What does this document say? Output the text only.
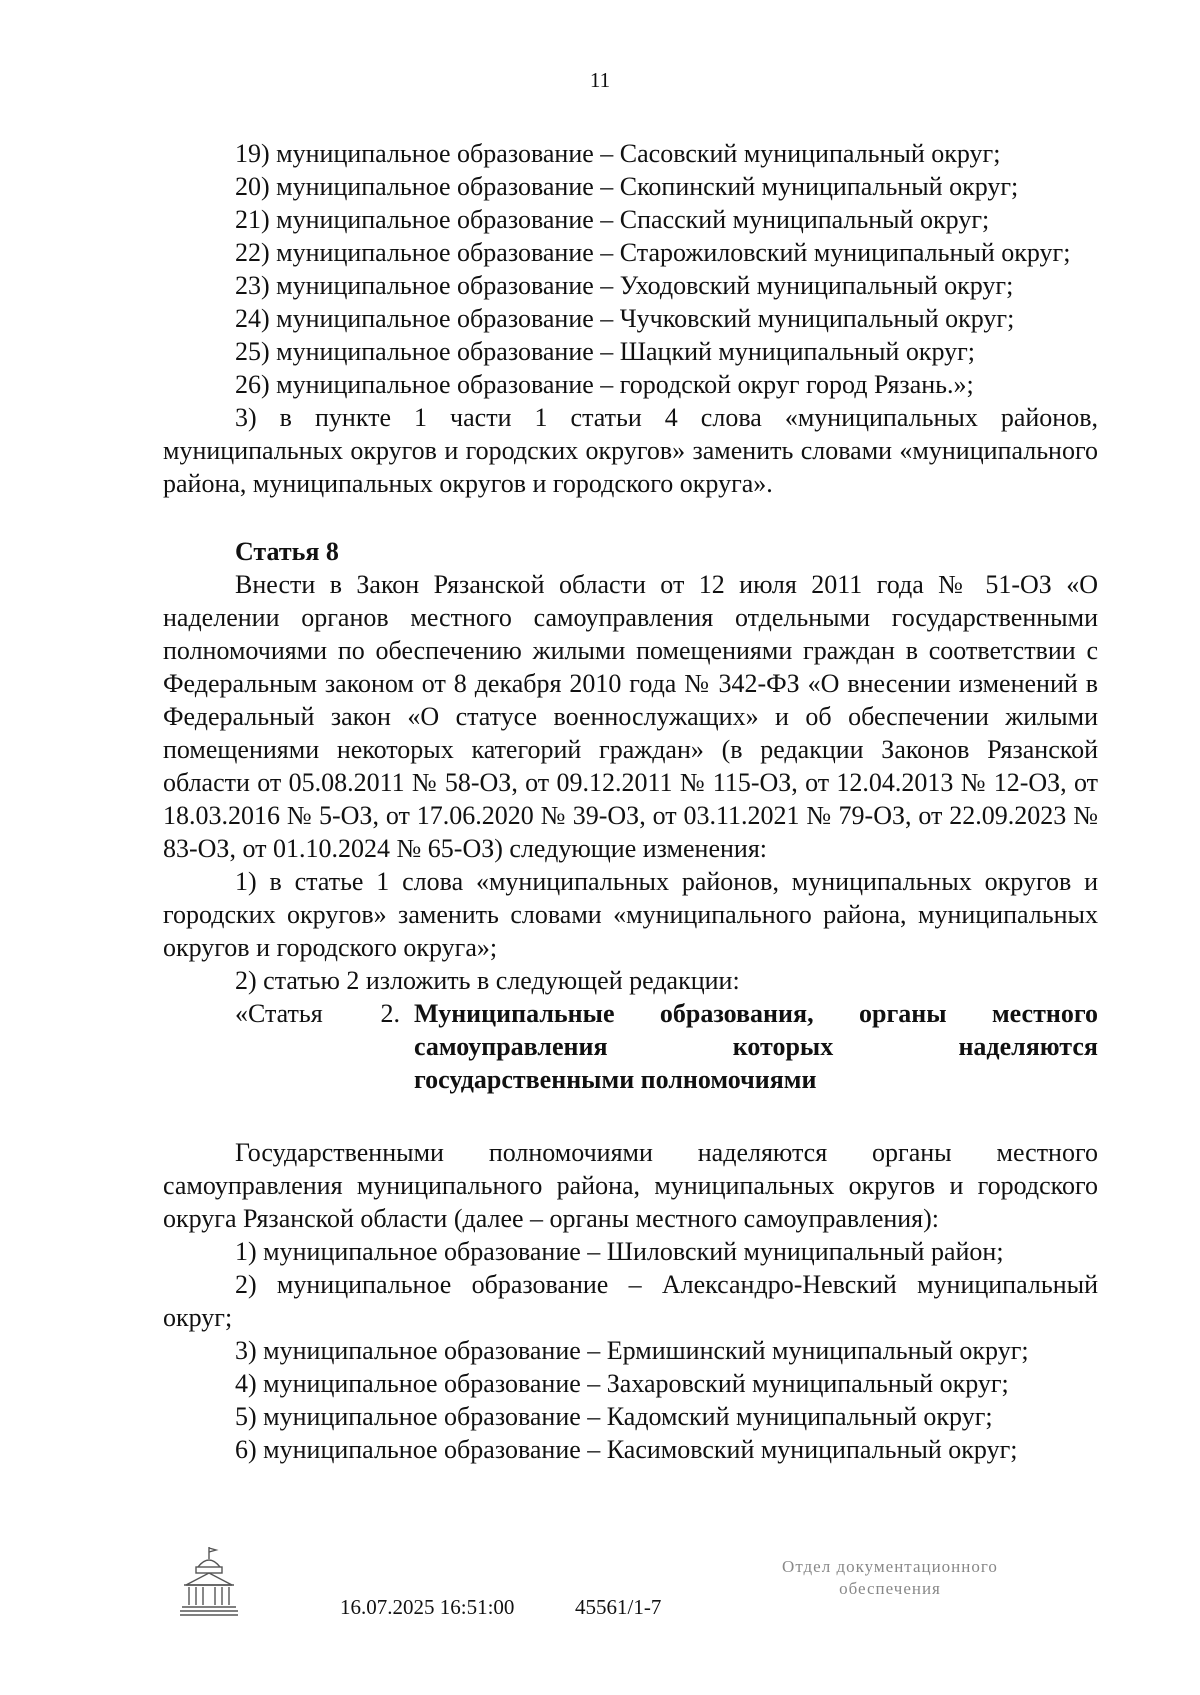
11

19) муниципальное образование – Сасовский муниципальный округ;

20) муниципальное образование – Скопинский муниципальный округ;

21) муниципальное образование – Спасский муниципальный округ;

22) муниципальное образование – Старожиловский муниципальный округ;

23) муниципальное образование – Уходовский муниципальный округ;

24) муниципальное образование – Чучковский муниципальный округ;

25) муниципальное образование – Шацкий муниципальный округ;

26) муниципальное образование – городской округ город Рязань.»;

3) в пункте 1 части 1 статьи 4 слова «муниципальных районов, муниципальных округов и городских округов» заменить словами «муниципального района, муниципальных округов и городского округа».

Статья 8

Внести в Закон Рязанской области от 12 июля 2011 года № 51-ОЗ «О наделении органов местного самоуправления отдельными государственными полномочиями по обеспечению жилыми помещениями граждан в соответствии с Федеральным законом от 8 декабря 2010 года № 342-ФЗ «О внесении изменений в Федеральный закон «О статусе военнослужащих» и об обеспечении жилыми помещениями некоторых категорий граждан» (в редакции Законов Рязанской области от 05.08.2011 № 58-ОЗ, от 09.12.2011 № 115-ОЗ, от 12.04.2013 № 12-ОЗ, от 18.03.2016 № 5-ОЗ, от 17.06.2020 № 39-ОЗ, от 03.11.2021 № 79-ОЗ, от 22.09.2023 № 83-ОЗ, от 01.10.2024 № 65-ОЗ) следующие изменения:

1) в статье 1 слова «муниципальных районов, муниципальных округов и городских округов» заменить словами «муниципального района, муниципальных округов и городского округа»;

2) статью 2 изложить в следующей редакции:

«Статья 2. Муниципальные образования, органы местного
самоуправления которых наделяются
государственными полномочиями

Государственными полномочиями наделяются органы местного самоуправления муниципального района, муниципальных округов и городского округа Рязанской области (далее – органы местного самоуправления):

1) муниципальное образование – Шиловский муниципальный район;

2) муниципальное образование – Александро-Невский муниципальный округ;

3) муниципальное образование – Ермишинский муниципальный округ;

4) муниципальное образование – Захаровский муниципальный округ;

5) муниципальное образование – Кадомский муниципальный округ;

6) муниципальное образование – Касимовский муниципальный округ;

16.07.2025 16:51:00	45561/1-7
Отдел документационного
обеспечения
